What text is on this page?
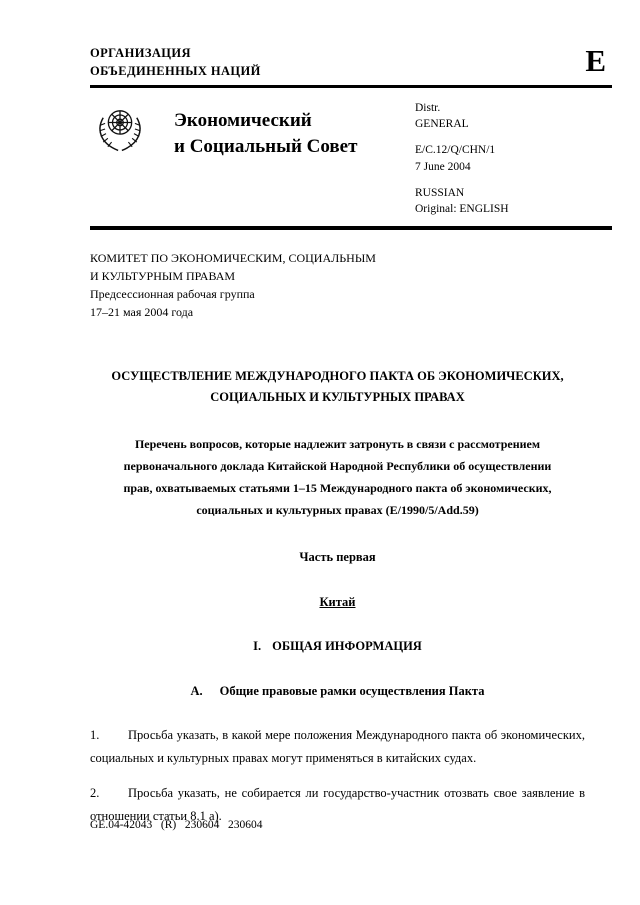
ОРГАНИЗАЦИЯ
ОБЪЕДИНЕННЫХ НАЦИЙ	E
Экономический
и Социальный Совет
Distr.
GENERAL
E/C.12/Q/CHN/1
7 June 2004
RUSSIAN
Original: ENGLISH
КОМИТЕТ ПО ЭКОНОМИЧЕСКИМ, СОЦИАЛЬНЫМ
И КУЛЬТУРНЫМ ПРАВАМ
Предсессионная рабочая группа
17–21 мая 2004 года
ОСУЩЕСТВЛЕНИЕ МЕЖДУНАРОДНОГО ПАКТА ОБ ЭКОНОМИЧЕСКИХ,
СОЦИАЛЬНЫХ И КУЛЬТУРНЫХ ПРАВАХ
Перечень вопросов, которые надлежит затронуть в связи с рассмотрением
первоначального доклада Китайской Народной Республики об осуществлении
прав, охватываемых статьями 1–15 Международного пакта об экономических,
социальных и культурных правах (E/1990/5/Add.59)
Часть первая
Китай
I. ОБЩАЯ ИНФОРМАЦИЯ
A. Общие правовые рамки осуществления Пакта
1. Просьба указать, в какой мере положения Международного пакта об экономических, социальных и культурных правах могут применяться в китайских судах.
2. Просьба указать, не собирается ли государство-участник отозвать свое заявление в отношении статьи 8.1 а).
GE.04-42043   (R)   230604   230604
